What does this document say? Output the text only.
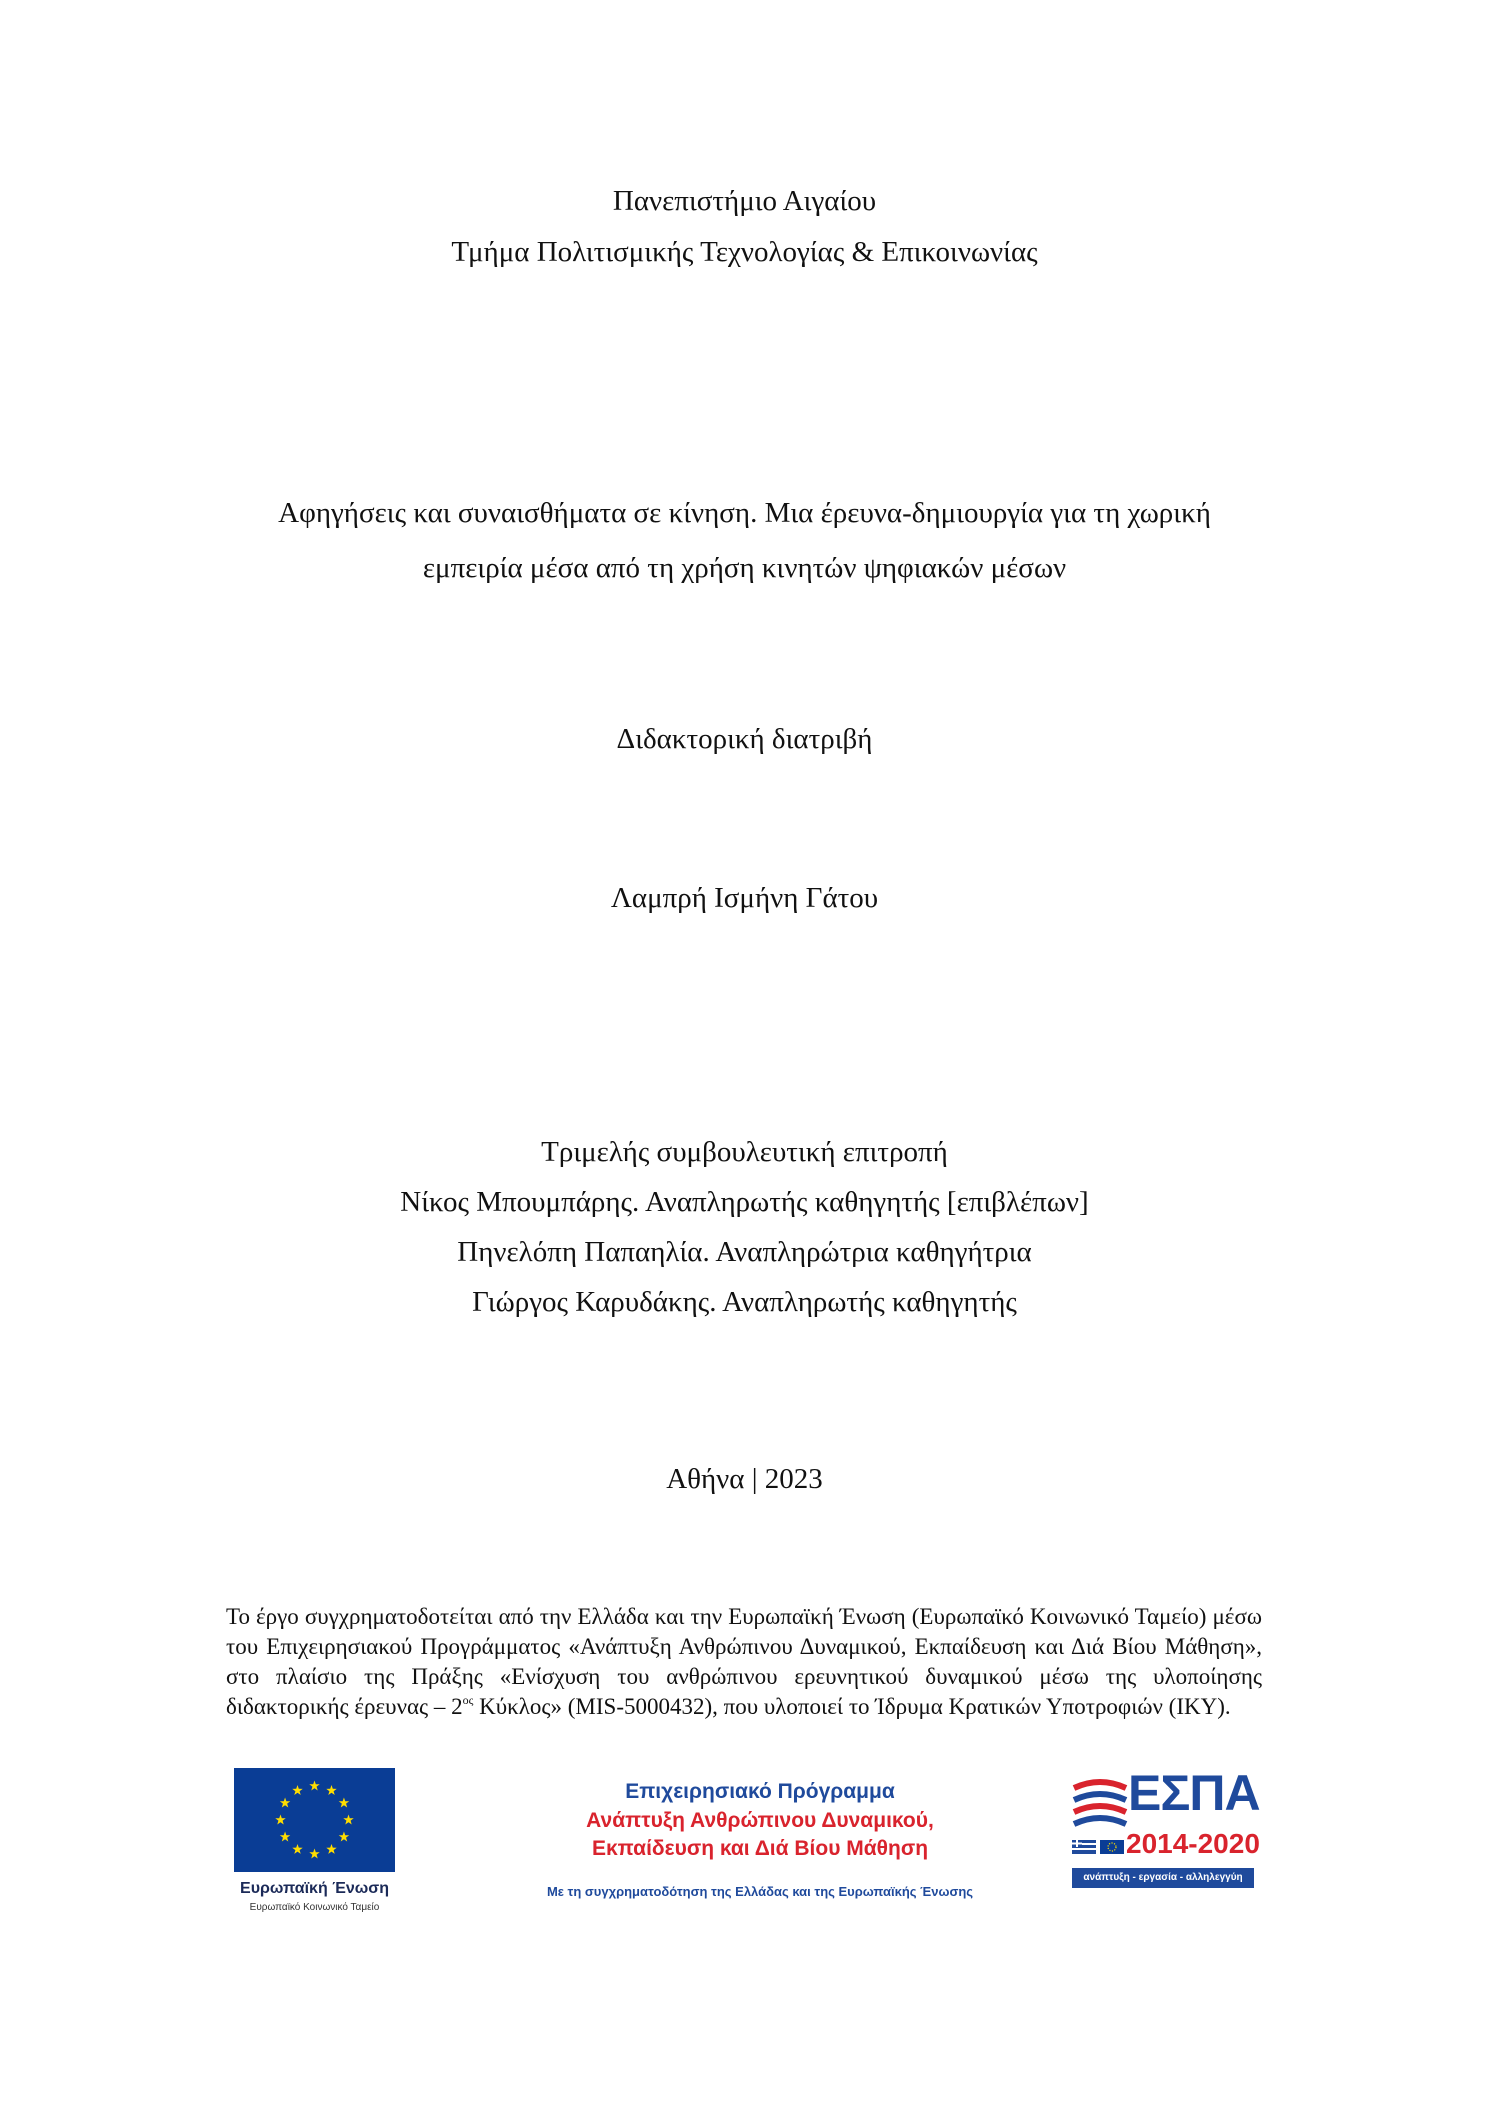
Πανεπιστήμιο Αιγαίου
Τμήμα Πολιτισμικής Τεχνολογίας & Επικοινωνίας
Αφηγήσεις και συναισθήματα σε κίνηση. Μια έρευνα-δημιουργία για τη χωρική
εμπειρία μέσα από τη χρήση κινητών ψηφιακών μέσων
Διδακτορική διατριβή
Λαμπρή Ισμήνη Γάτου
Τριμελής συμβουλευτική επιτροπή
Νίκος Μπουμπάρης. Αναπληρωτής καθηγητής [επιβλέπων]
Πηνελόπη Παπαηλία. Αναπληρώτρια καθηγήτρια
Γιώργος Καρυδάκης. Αναπληρωτής καθηγητής
Αθήνα | 2023
Το έργο συγχρηματοδοτείται από την Ελλάδα και την Ευρωπαϊκή Ένωση (Ευρωπαϊκό Κοινωνικό Ταμείο) μέσω του Επιχειρησιακού Προγράμματος «Ανάπτυξη Ανθρώπινου Δυναμικού, Εκπαίδευση και Διά Βίου Μάθηση», στο πλαίσιο της Πράξης «Ενίσχυση του ανθρώπινου ερευνητικού δυναμικού μέσω της υλοποίησης διδακτορικής έρευνας – $2^{o\varsigma}$ Κύκλος» (MIS-5000432), που υλοποιεί το Ίδρυμα Κρατικών Υποτροφιών (ΙΚΥ).
Ευρωπαϊκή Ένωση
Ευρωπαϊκό Κοινωνικό Ταμείο
Επιχειρησιακό Πρόγραμμα
Ανάπτυξη Ανθρώπινου Δυναμικού,
Εκπαίδευση και Διά Βίου Μάθηση
Με τη συγχρηματοδότηση της Ελλάδας και της Ευρωπαϊκής Ένωσης
ΕΣΠΑ
2014-2020
ανάπτυξη - εργασία - αλληλεγγύη
